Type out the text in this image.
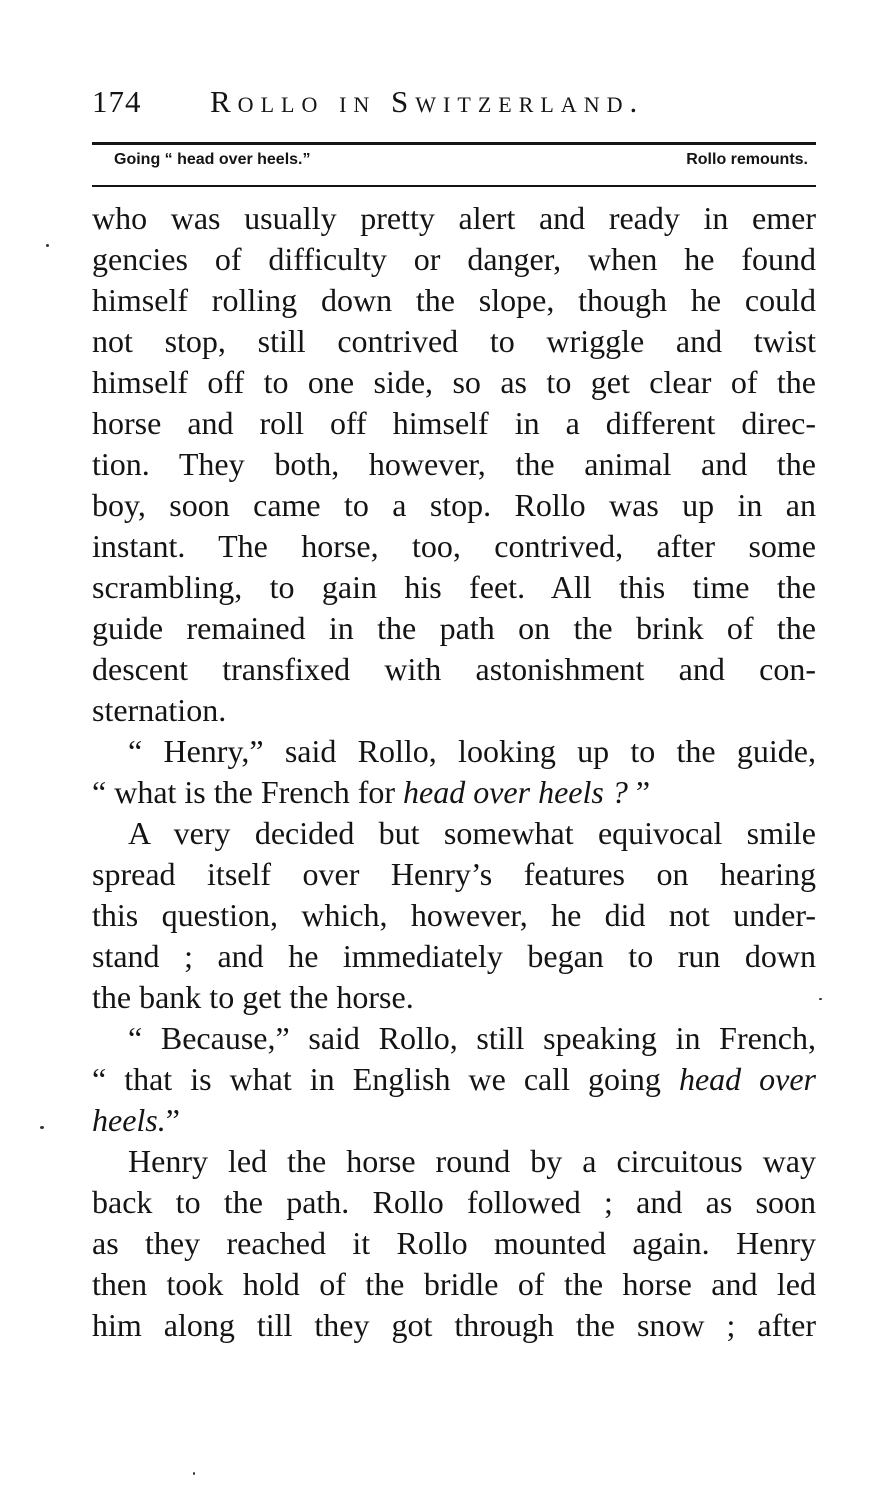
174 Rollo in Switzerland.
Going “ head over heels.”	Rollo remounts.
who was usually pretty alert and ready in emer
gencies of difficulty or danger, when he found
himself rolling down the slope, though he could
not stop, still contrived to wriggle and twist
himself off to one side, so as to get clear of the
horse and roll off himself in a different direc-
tion. They both, however, the animal and the
boy, soon came to a stop. Rollo was up in an
instant. The horse, too, contrived, after some
scrambling, to gain his feet. All this time the
guide remained in the path on the brink of the
descent transfixed with astonishment and con-
sternation.
“ Henry,” said Rollo, looking up to the guide,
“ what is the French for head over heels ? ”
A very decided but somewhat equivocal smile
spread itself over Henry’s features on hearing
this question, which, however, he did not under-
stand ; and he immediately began to run down
the bank to get the horse.
“ Because,” said Rollo, still speaking in French,
“ that is what in English we call going head over
heels.”
Henry led the horse round by a circuitous way
back to the path. Rollo followed ; and as soon
as they reached it Rollo mounted again. Henry
then took hold of the bridle of the horse and led
him along till they got through the snow ; after
